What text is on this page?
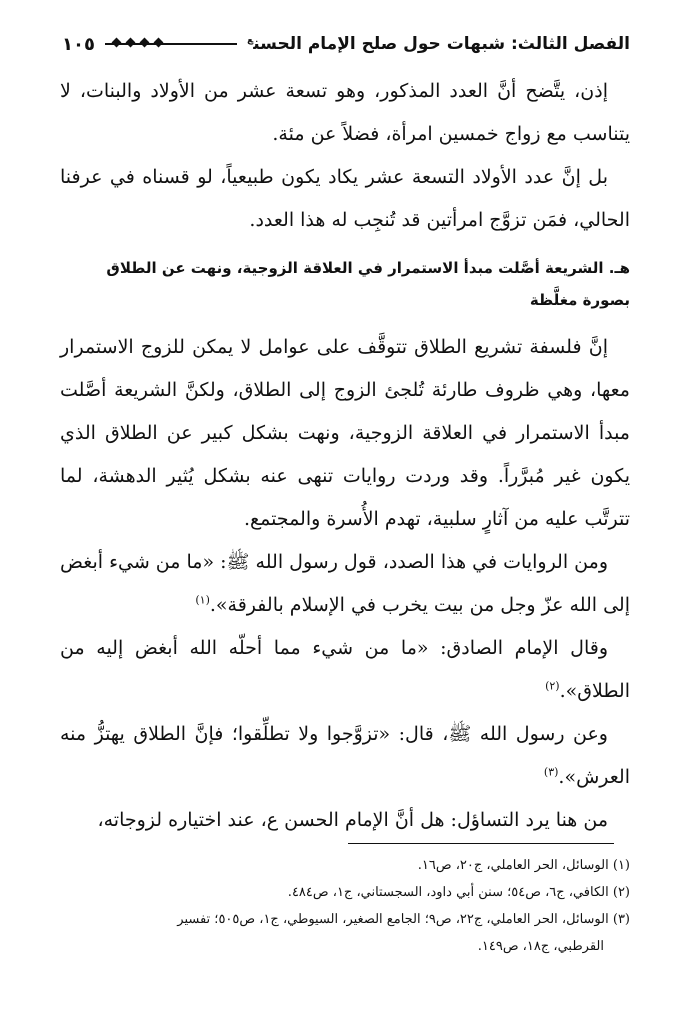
الفصل الثالث: شبهات حول صلح الإمام الحسن$^ع$
١٠٥

إذن، يتَّضح أنَّ العدد المذكور، وهو تسعة عشر من الأولاد والبنات، لا يتناسب مع زواج خمسين امرأة، فضلاً عن مئة.

بل إنَّ عدد الأولاد التسعة عشر يكاد يكون طبيعياً، لو قسناه في عرفنا الحالي، فمَن تزوَّج امرأتين قد تُنجِب له هذا العدد.

هـ. الشريعة أصَّلت مبدأ الاستمرار في العلاقة الزوجية، ونهت عن الطلاق بصورة مغلَّظة

إنَّ فلسفة تشريع الطلاق تتوقَّف على عوامل لا يمكن للزوج الاستمرار معها، وهي ظروف طارئة تُلجئ الزوج إلى الطلاق، ولكنَّ الشريعة أصَّلت مبدأ الاستمرار في العلاقة الزوجية، ونهت بشكل كبير عن الطلاق الذي يكون غير مُبرَّراً. وقد وردت روايات تنهى عنه بشكل يُثير الدهشة، لما تترتَّب عليه من آثارٍ سلبية، تهدم الأُسرة والمجتمع.

ومن الروايات في هذا الصدد، قول رسول الله ﷺ: «ما من شيء أبغض إلى الله عزّ وجل من بيت يخرب في الإسلام بالفرقة».$^{(١)}$

وقال الإمام الصادق: «ما من شيء مما أحلّه الله أبغض إليه من الطلاق».$^{(٢)}$

وعن رسول الله ﷺ، قال: «تزوَّجوا ولا تطلِّقوا؛ فإنَّ الطلاق يهتزُّ منه العرش».$^{(٣)}$

من هنا يرد التساؤل: هل أنَّ الإمام الحسن ع، عند اختياره لزوجاته،

(١) الوسائل، الحر العاملي، ج٢٠، ص١٦.

(٢) الكافي، ج٦، ص٥٤؛ سنن أبي داود، السجستاني، ج١، ص٤٨٤.

(٣) الوسائل، الحر العاملي، ج٢٢، ص٩؛ الجامع الصغير، السيوطي، ج١، ص٥٠٥؛ تفسير

القرطبي، ج١٨، ص١٤٩.
